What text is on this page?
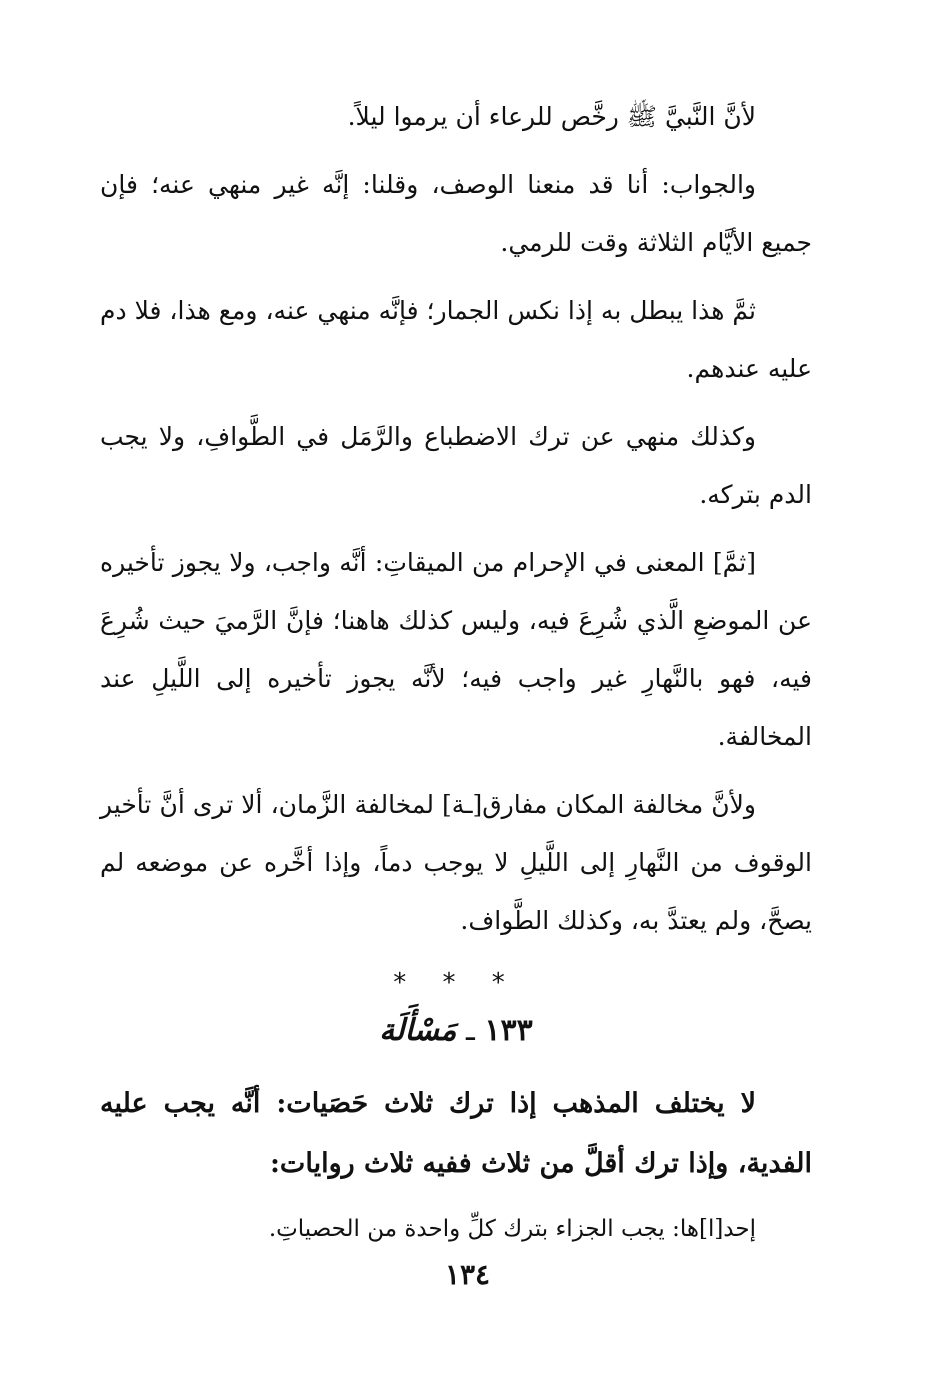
لأنَّ النَّبيَّ ﷺ رخَّص للرعاء أن يرموا ليلاً.

والجواب: أنا قد منعنا الوصف، وقلنا: إنَّه غير منهي عنه؛ فإن جميع الأيَّام الثلاثة وقت للرمي.

ثمَّ هذا يبطل به إذا نكس الجمار؛ فإنَّه منهي عنه، ومع هذا، فلا دم عليه عندهم.

وكذلك منهي عن ترك الاضطباع والرَّمَل في الطَّوافِ، ولا يجب الدم بتركه.

[ثمَّ] المعنى في الإحرام من الميقاتِ: أنَّه واجب، ولا يجوز تأخيره عن الموضعِ الَّذي شُرِعَ فيه، وليس كذلك هاهنا؛ فإنَّ الرَّميَ حيث شُرِعَ فيه، فهو بالنَّهارِ غير واجب فيه؛ لأنَّه يجوز تأخيره إلى اللَّيلِ عند المخالفة.

ولأنَّ مخالفة المكان مفارق[ـة] لمخالفة الزَّمان، ألا ترى أنَّ تأخير الوقوف من النَّهارِ إلى اللَّيلِ لا يوجب دماً، وإذا أخَّره عن موضعه لم يصحَّ، ولم يعتدَّ به، وكذلك الطَّواف.

* * *
١٣٣ ـ مَسْأَلَة

لا يختلف المذهب إذا ترك ثلاث حَصَيات: أنَّه يجب عليه الفدية، وإذا ترك أقلَّ من ثلاث ففيه ثلاث روايات:

إحد[ا]ها: يجب الجزاء بترك كلِّ واحدة من الحصياتِ.

١٣٤
